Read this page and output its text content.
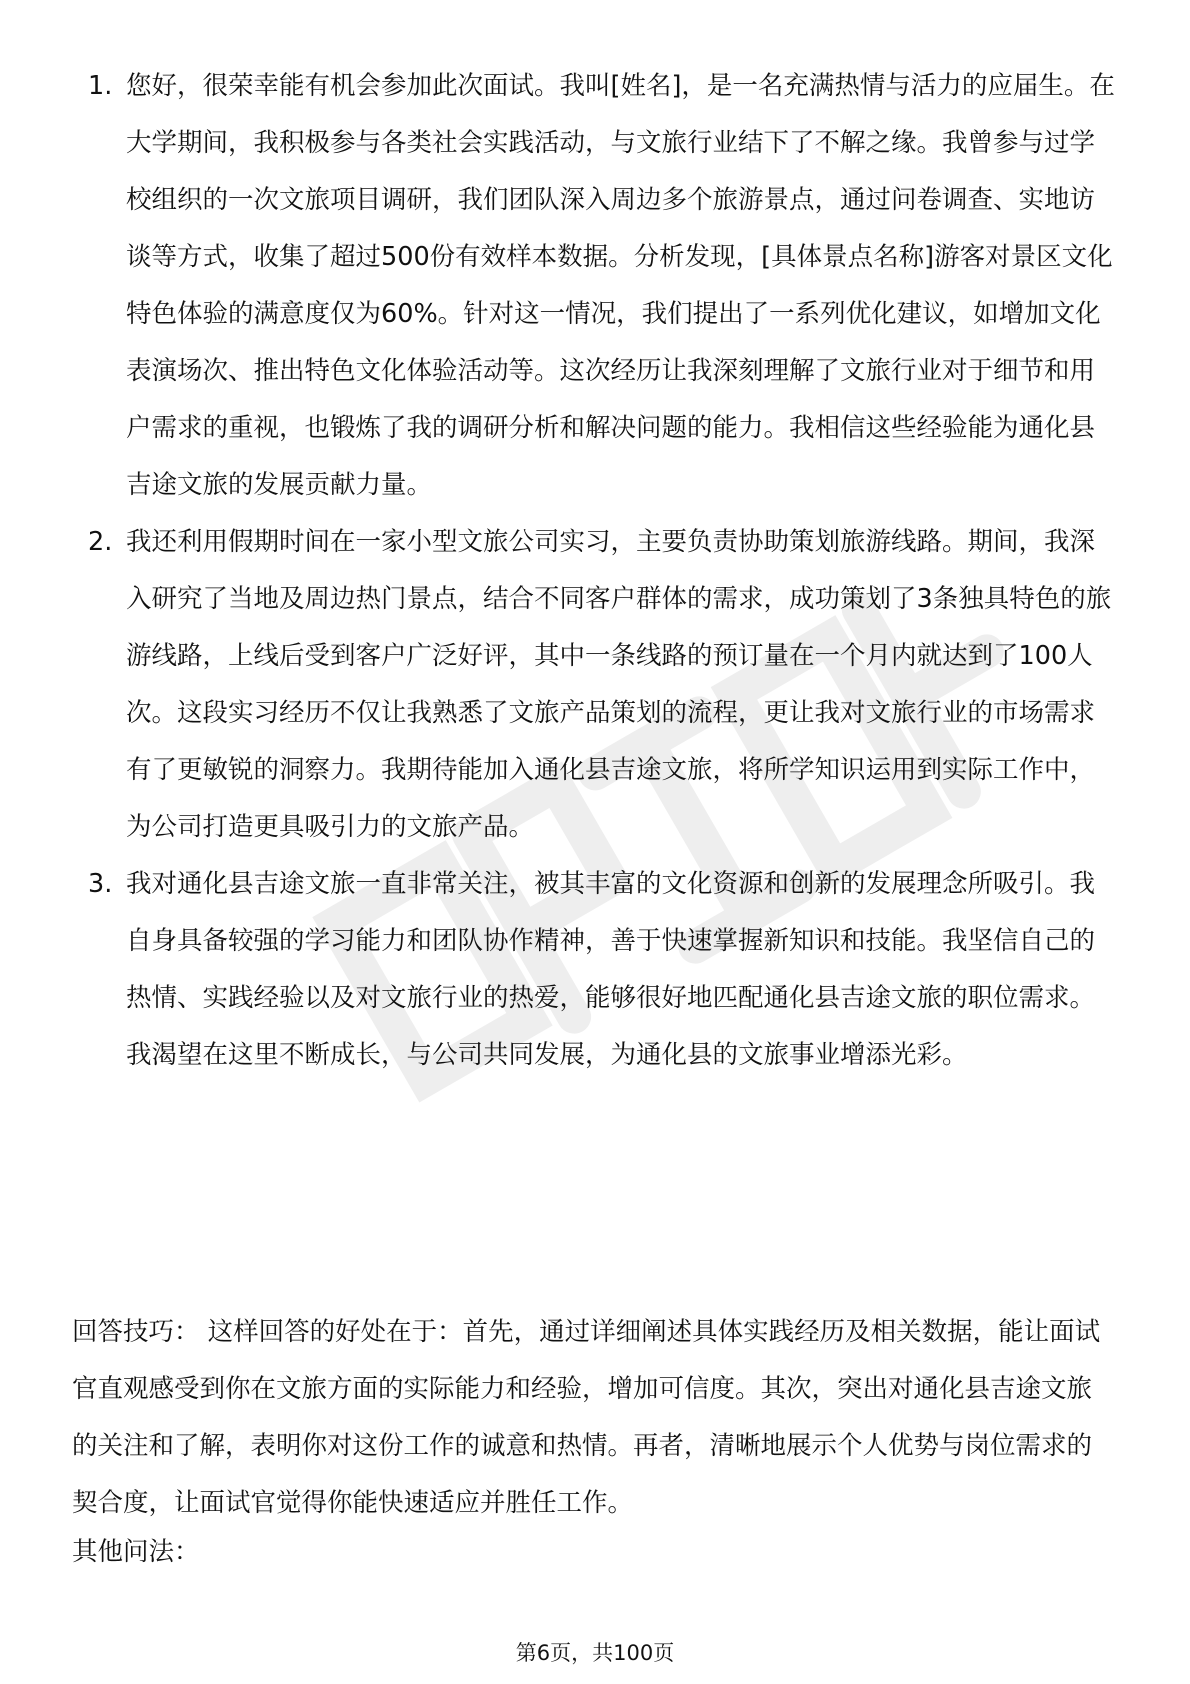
1. 您好，很荣幸能有机会参加此次面试。我叫[姓名]，是一名充满热情与活力的应届生。在大学期间，我积极参与各类社会实践活动，与文旅行业结下了不解之缘。我曾参与过学校组织的一次文旅项目调研，我们团队深入周边多个旅游景点，通过问卷调查、实地访谈等方式，收集了超过500份有效样本数据。分析发现，[具体景点名称]游客对景区文化特色体验的满意度仅为60%。针对这一情况，我们提出了一系列优化建议，如增加文化表演场次、推出特色文化体验活动等。这次经历让我深刻理解了文旅行业对于细节和用户需求的重视，也锻炼了我的调研分析和解决问题的能力。我相信这些经验能为通化县吉途文旅的发展贡献力量。
2. 我还利用假期时间在一家小型文旅公司实习，主要负责协助策划旅游线路。期间，我深入研究了当地及周边热门景点，结合不同客户群体的需求，成功策划了3条独具特色的旅游线路，上线后受到客户广泛好评，其中一条线路的预订量在一个月内就达到了100人次。这段实习经历不仅让我熟悉了文旅产品策划的流程，更让我对文旅行业的市场需求有了更敏锐的洞察力。我期待能加入通化县吉途文旅，将所学知识运用到实际工作中，为公司打造更具吸引力的文旅产品。
3. 我对通化县吉途文旅一直非常关注，被其丰富的文化资源和创新的发展理念所吸引。我自身具备较强的学习能力和团队协作精神，善于快速掌握新知识和技能。我坚信自己的热情、实践经验以及对文旅行业的热爱，能够很好地匹配通化县吉途文旅的职位需求。我渴望在这里不断成长，与公司共同发展，为通化县的文旅事业增添光彩。

回答技巧： 这样回答的好处在于：首先，通过详细阐述具体实践经历及相关数据，能让面试官直观感受到你在文旅方面的实际能力和经验，增加可信度。其次，突出对通化县吉途文旅的关注和了解，表明你对这份工作的诚意和热情。再者，清晰地展示个人优势与岗位需求的契合度，让面试官觉得你能快速适应并胜任工作。

其他问法：

第6页，共100页
